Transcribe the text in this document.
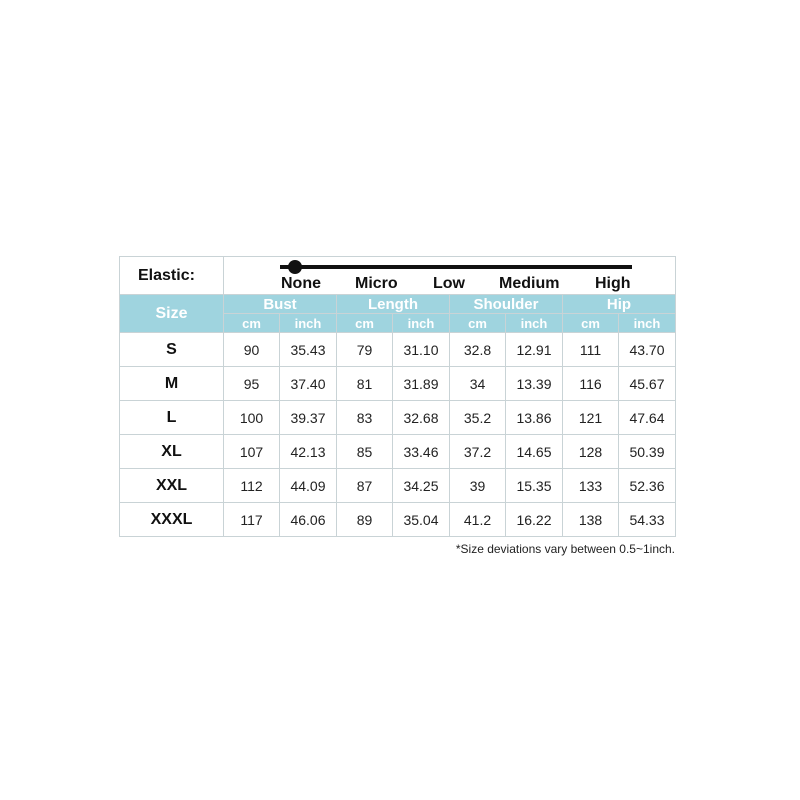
Elastic:	None Micro Low Medium High							

Size	Bust		Length		Shoulder		Hip	
	cm	inch	cm	inch	cm	inch	cm	inch
S	90	35.43	79	31.10	32.8	12.91	111	43.70
M	95	37.40	81	31.89	34	13.39	116	45.67
L	100	39.37	83	32.68	35.2	13.86	121	47.64
XL	107	42.13	85	33.46	37.2	14.65	128	50.39
XXL	112	44.09	87	34.25	39	15.35	133	52.36
XXXL	117	46.06	89	35.04	41.2	16.22	138	54.33
*Size deviations vary between 0.5~1inch.
